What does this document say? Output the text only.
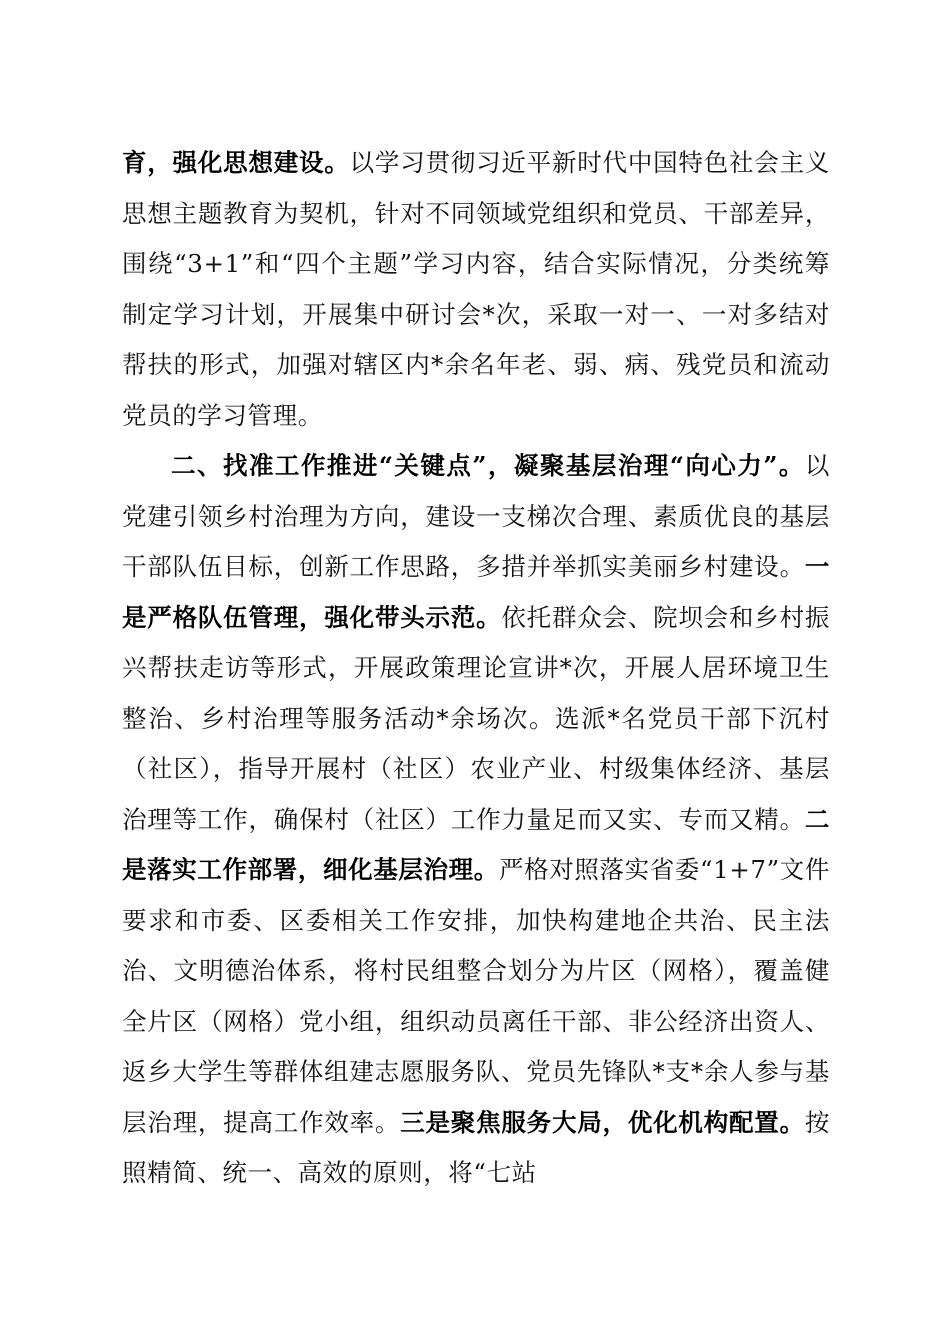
育，强化思想建设。以学习贯彻习近平新时代中国特色社会主义思想主题教育为契机，针对不同领域党组织和党员、干部差异，围绕“3+1”和“四个主题”学习内容，结合实际情况，分类统筹制定学习计划，开展集中研讨会*次，采取一对一、一对多结对帮扶的形式，加强对辖区内*余名年老、弱、病、残党员和流动党员的学习管理。

二、找准工作推进“关键点”，凝聚基层治理“向心力”。以党建引领乡村治理为方向，建设一支梯次合理、素质优良的基层干部队伍目标，创新工作思路，多措并举抓实美丽乡村建设。一是严格队伍管理，强化带头示范。依托群众会、院坝会和乡村振兴帮扶走访等形式，开展政策理论宣讲*次，开展人居环境卫生整治、乡村治理等服务活动*余场次。选派*名党员干部下沉村（社区），指导开展村（社区）农业产业、村级集体经济、基层治理等工作，确保村（社区）工作力量足而又实、专而又精。二是落实工作部署，细化基层治理。严格对照落实省委“1+7”文件要求和市委、区委相关工作安排，加快构建地企共治、民主法治、文明德治体系，将村民组整合划分为片区（网格），覆盖健全片区（网格）党小组，组织动员离任干部、非公经济出资人、返乡大学生等群体组建志愿服务队、党员先锋队*支*余人参与基层治理，提高工作效率。三是聚焦服务大局，优化机构配置。按照精简、统一、高效的原则，将“七站
